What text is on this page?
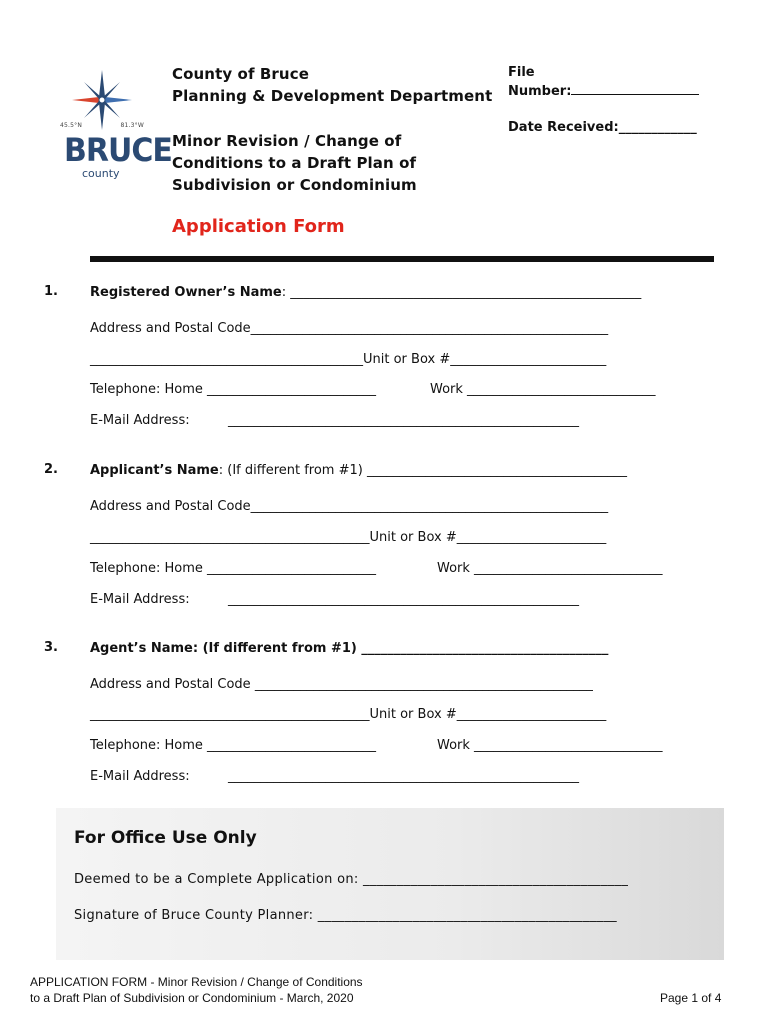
45.5°N	81.3°W
BRUCE
county
County of Bruce
Planning & Development Department
Minor Revision / Change of
Conditions to a Draft Plan of
Subdivision or Condominium
File
Number:
Date Received:____________
Application Form
1. Registered Owner’s Name: ______________________________________________________
Address and Postal Code_______________________________________________________
__________________________________________Unit or Box #________________________
Telephone: Home __________________________	Work _____________________________
E-Mail Address:	______________________________________________________
2. Applicant’s Name: (If different from #1) ________________________________________
Address and Postal Code_______________________________________________________
___________________________________________Unit or Box #_______________________
Telephone: Home __________________________	Work _____________________________
E-Mail Address:	______________________________________________________
3. Agent’s Name: (If different from #1) ______________________________________
Address and Postal Code ____________________________________________________
___________________________________________Unit or Box #_______________________
Telephone: Home __________________________	Work _____________________________
E-Mail Address:	______________________________________________________
For Office Use Only
Deemed to be a Complete Application on: _______________________________________
Signature of Bruce County Planner: ____________________________________________
APPLICATION FORM - Minor Revision / Change of Conditions
to a Draft Plan of Subdivision or Condominium - March, 2020	Page 1 of 4
